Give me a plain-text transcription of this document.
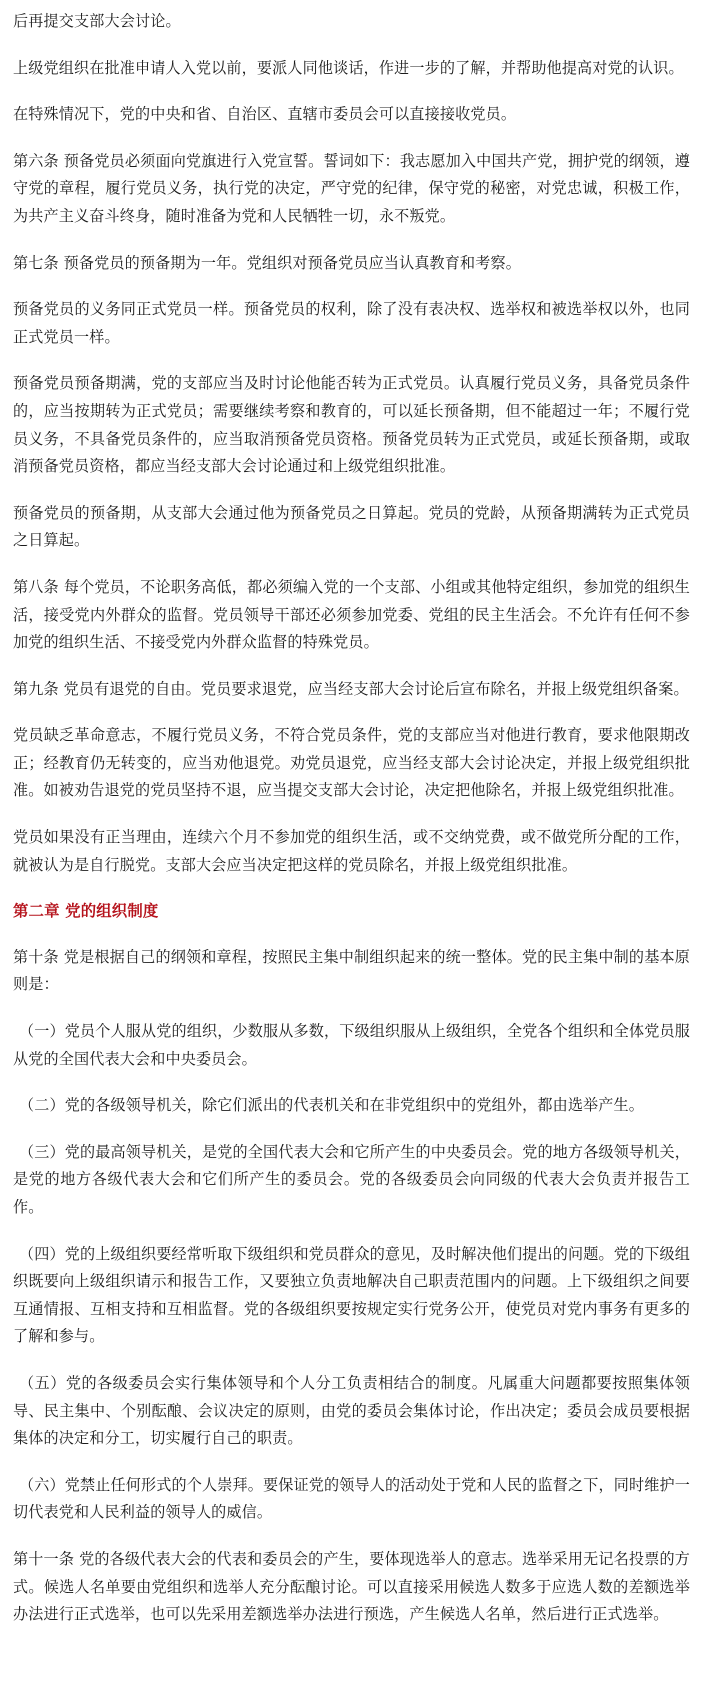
后再提交支部大会讨论。

上级党组织在批准申请人入党以前，要派人同他谈话，作进一步的了解，并帮助他提高对党的认识。

在特殊情况下，党的中央和省、自治区、直辖市委员会可以直接接收党员。

第六条 预备党员必须面向党旗进行入党宣誓。誓词如下：我志愿加入中国共产党，拥护党的纲领，遵守党的章程，履行党员义务，执行党的决定，严守党的纪律，保守党的秘密，对党忠诚，积极工作，为共产主义奋斗终身，随时准备为党和人民牺牲一切，永不叛党。

第七条 预备党员的预备期为一年。党组织对预备党员应当认真教育和考察。

预备党员的义务同正式党员一样。预备党员的权利，除了没有表决权、选举权和被选举权以外，也同正式党员一样。

预备党员预备期满，党的支部应当及时讨论他能否转为正式党员。认真履行党员义务，具备党员条件的，应当按期转为正式党员；需要继续考察和教育的，可以延长预备期，但不能超过一年；不履行党员义务，不具备党员条件的，应当取消预备党员资格。预备党员转为正式党员，或延长预备期，或取消预备党员资格，都应当经支部大会讨论通过和上级党组织批准。

预备党员的预备期，从支部大会通过他为预备党员之日算起。党员的党龄，从预备期满转为正式党员之日算起。

第八条 每个党员，不论职务高低，都必须编入党的一个支部、小组或其他特定组织，参加党的组织生活，接受党内外群众的监督。党员领导干部还必须参加党委、党组的民主生活会。不允许有任何不参加党的组织生活、不接受党内外群众监督的特殊党员。

第九条 党员有退党的自由。党员要求退党，应当经支部大会讨论后宣布除名，并报上级党组织备案。

党员缺乏革命意志，不履行党员义务，不符合党员条件，党的支部应当对他进行教育，要求他限期改正；经教育仍无转变的，应当劝他退党。劝党员退党，应当经支部大会讨论决定，并报上级党组织批准。如被劝告退党的党员坚持不退，应当提交支部大会讨论，决定把他除名，并报上级党组织批准。

党员如果没有正当理由，连续六个月不参加党的组织生活，或不交纳党费，或不做党所分配的工作，就被认为是自行脱党。支部大会应当决定把这样的党员除名，并报上级党组织批准。

第二章 党的组织制度

第十条 党是根据自己的纲领和章程，按照民主集中制组织起来的统一整体。党的民主集中制的基本原则是：

（一）党员个人服从党的组织，少数服从多数，下级组织服从上级组织，全党各个组织和全体党员服从党的全国代表大会和中央委员会。

（二）党的各级领导机关，除它们派出的代表机关和在非党组织中的党组外，都由选举产生。

（三）党的最高领导机关，是党的全国代表大会和它所产生的中央委员会。党的地方各级领导机关，是党的地方各级代表大会和它们所产生的委员会。党的各级委员会向同级的代表大会负责并报告工作。

（四）党的上级组织要经常听取下级组织和党员群众的意见，及时解决他们提出的问题。党的下级组织既要向上级组织请示和报告工作，又要独立负责地解决自己职责范围内的问题。上下级组织之间要互通情报、互相支持和互相监督。党的各级组织要按规定实行党务公开，使党员对党内事务有更多的了解和参与。

（五）党的各级委员会实行集体领导和个人分工负责相结合的制度。凡属重大问题都要按照集体领导、民主集中、个别酝酿、会议决定的原则，由党的委员会集体讨论，作出决定；委员会成员要根据集体的决定和分工，切实履行自己的职责。

（六）党禁止任何形式的个人崇拜。要保证党的领导人的活动处于党和人民的监督之下，同时维护一切代表党和人民利益的领导人的威信。

第十一条 党的各级代表大会的代表和委员会的产生，要体现选举人的意志。选举采用无记名投票的方式。候选人名单要由党组织和选举人充分酝酿讨论。可以直接采用候选人数多于应选人数的差额选举办法进行正式选举，也可以先采用差额选举办法进行预选，产生候选人名单，然后进行正式选举。
